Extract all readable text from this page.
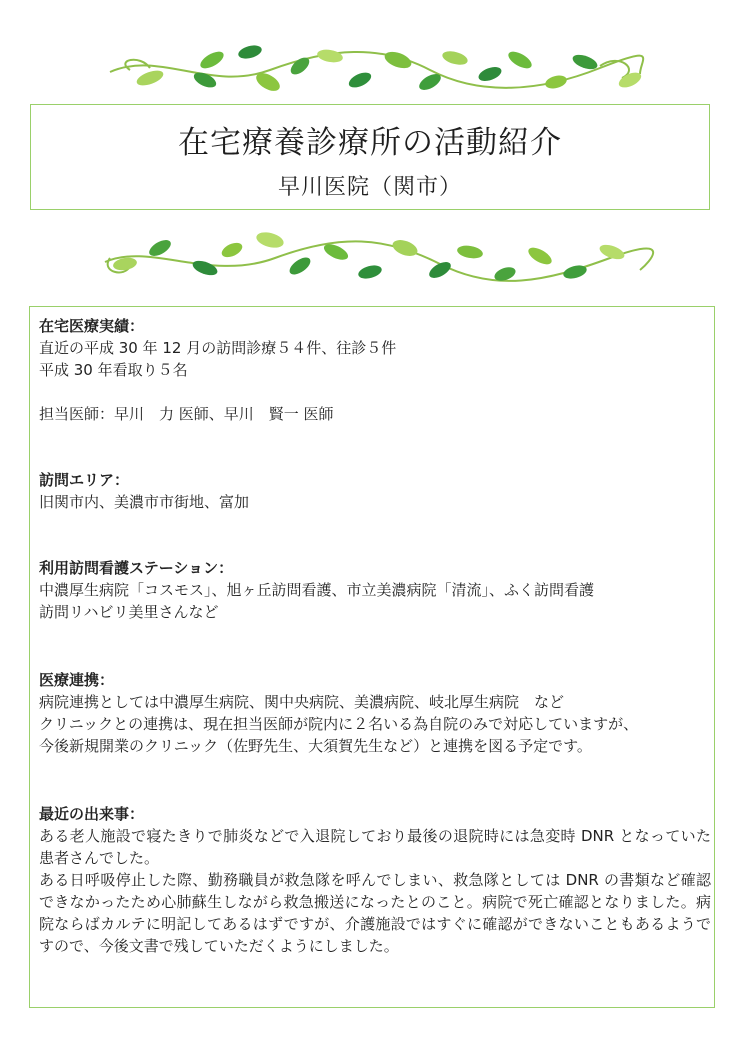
在宅療養診療所の活動紹介
早川医院（関市）
在宅医療実績：
直近の平成 30 年 12 月の訪問診療５４件、往診５件
平成 30 年看取り５名
担当医師：早川　力 医師、早川　賢一 医師
訪問エリア：
旧関市内、美濃市市街地、富加
利用訪問看護ステーション：
中濃厚生病院「コスモス」、旭ヶ丘訪問看護、市立美濃病院「清流」、ふく訪問看護
訪問リハビリ美里さんなど
医療連携：
病院連携としては中濃厚生病院、関中央病院、美濃病院、岐北厚生病院　など
クリニックとの連携は、現在担当医師が院内に２名いる為自院のみで対応していますが、
今後新規開業のクリニック（佐野先生、大須賀先生など）と連携を図る予定です。
最近の出来事：
ある老人施設で寝たきりで肺炎などで入退院しており最後の退院時には急変時 DNR となっていた患者さんでした。
ある日呼吸停止した際、勤務職員が救急隊を呼んでしまい、救急隊としては DNR の書類など確認できなかったため心肺蘇生しながら救急搬送になったとのこと。病院で死亡確認となりました。病院ならばカルテに明記してあるはずですが、介護施設ではすぐに確認ができないこともあるようですので、今後文書で残していただくようにしました。
